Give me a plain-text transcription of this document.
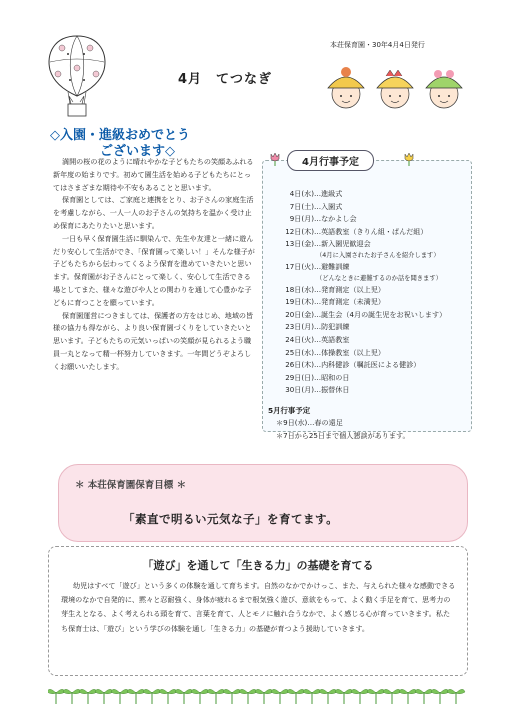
本荘保育園・30年4月4日発行
4月　てつなぎ
◇入園・進級おめでとう
ございます◇

満開の桜の花のように晴れやかな子どもたちの笑顔あふれる新年度の始まりです。初めて園生活を始める子どもたちにとってはさまざまな期待や不安もあることと思います。

保育園としては、ご家庭と連携をとり、お子さんの家庭生活を考慮しながら、一人一人のお子さんの気持ちを温かく受け止め保育にあたりたいと思います。

一日も早く保育園生活に馴染んで、先生や友達と一緒に遊んだり安心して生活ができ、「保育園って楽しい！」そんな様子が子どもたちから伝わってくるよう保育を進めていきたいと思います。保育園がお子さんにとって楽しく、安心して生活できる場としてまた、様々な遊びや人との関わりを通して心豊かな子どもに育つことを願っています。

保育園運営につきましては、保護者の方をはじめ、地域の皆様の協力も得ながら、より良い保育園づくりをしていきたいと思います。子どもたちの元気いっぱいの笑顔が見られるよう職員一丸となって精一杯努力していきます。一年間どうぞよろしくお願いいたします。

4月行事予定
4日(水)…進級式
7日(土)…入園式
9日(月)…なかよし会
12日(木)…英語教室（きりん組・ぱんだ組）
13日(金)…新入園児歓迎会
（4月に入園されたお子さんを紹介します）
17日(火)…避難訓練
（どんなときに避難するのか話を聞きます）
18日(水)…発育測定（以上児）
19日(木)…発育測定（未満児）
20日(金)…誕生会（4月の誕生児をお祝いします）
23日(月)…防犯訓練
24日(火)…英語教室
25日(水)…体操教室（以上児）
26日(木)…内科健診（嘱託医による健診）
29日(日)…昭和の日
30日(月)…振替休日
5月行事予定
＊9日(水)…春の遠足
＊7日から25日まで個人懇談があります。
＊ 本荘保育園保育目標 ＊
「素直で明るい元気な子」を育てます。
「遊び」を通して「生きる力」の基礎を育てる

幼児はすべて「遊び」という多くの体験を通して育ちます。自然のなかでかけっこ、また、与えられた様々な感動できる環境のなかで自発的に、黙々と忍耐強く、身体が疲れるまで根気強く遊び、意欲をもって、よく動く手足を育て、思考力の芽生えとなる、よく考えられる頭を育て、言葉を育て、人とモノに触れ合うなかで、よく感じる心が育っていきます。私たち保育士は、「遊び」という学びの体験を通し「生きる力」の基礎が育つよう援助していきます。
